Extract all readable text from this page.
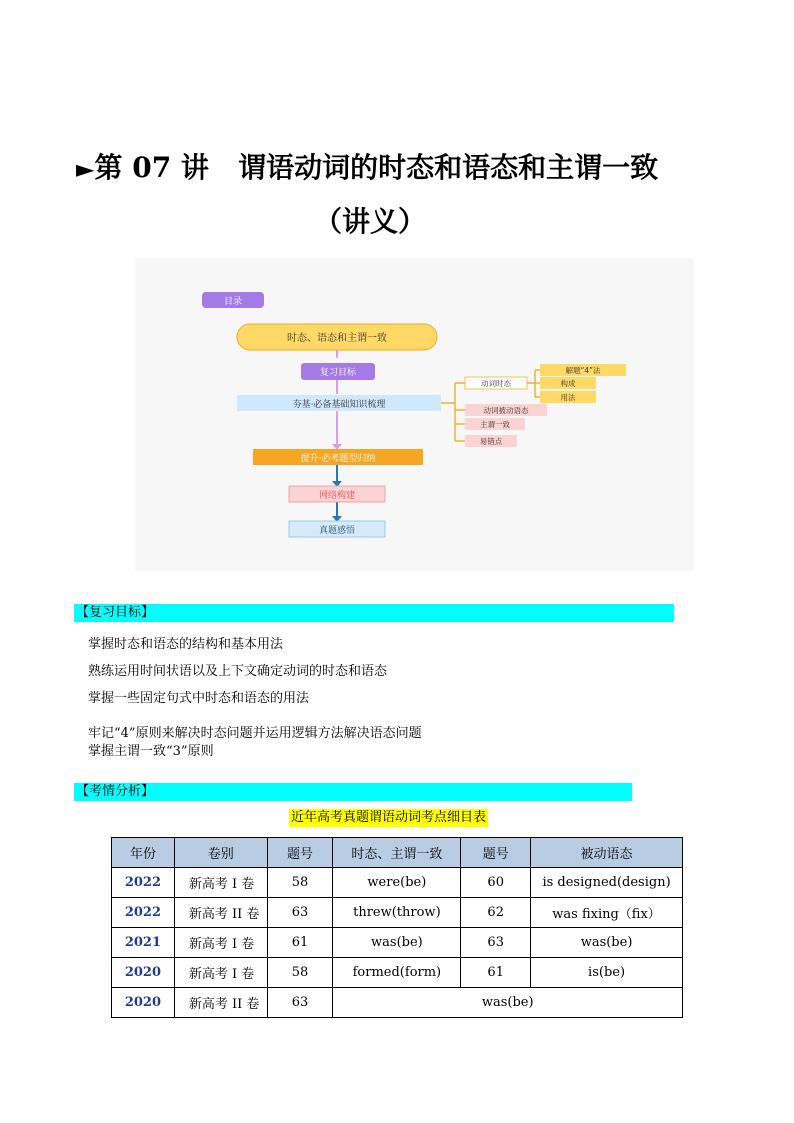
►第 07 讲   谓语动词的时态和语态和主谓一致
（讲义）
目录
时态、语态和主谓一致
复习目标
夯基·必备基础知识梳理
提升·必考题型归纳
网络构建
真题感悟
动词时态
动词被动语态
主谓一致
易错点
解题“4”法
构成
用法
【复习目标】
掌握时态和语态的结构和基本用法
熟练运用时间状语以及上下文确定动词的时态和语态
掌握一些固定句式中时态和语态的用法
牢记“4”原则来解决时态问题并运用逻辑方法解决语态问题
掌握主谓一致“3”原则
【考情分析】
近年高考真题谓语动词考点细目表
年份	卷别	题号	时态、主谓一致	题号	被动语态
2022	新高考 I 卷	58	were(be)	60	is designed(design)
2022	新高考 II 卷	63	threw(throw)	62	was fixing（fix）
2021	新高考 I 卷	61	was(be)	63	was(be)
2020	新高考 I 卷	58	formed(form)	61	is(be)
2020	新高考 II 卷	63	was(be)		
